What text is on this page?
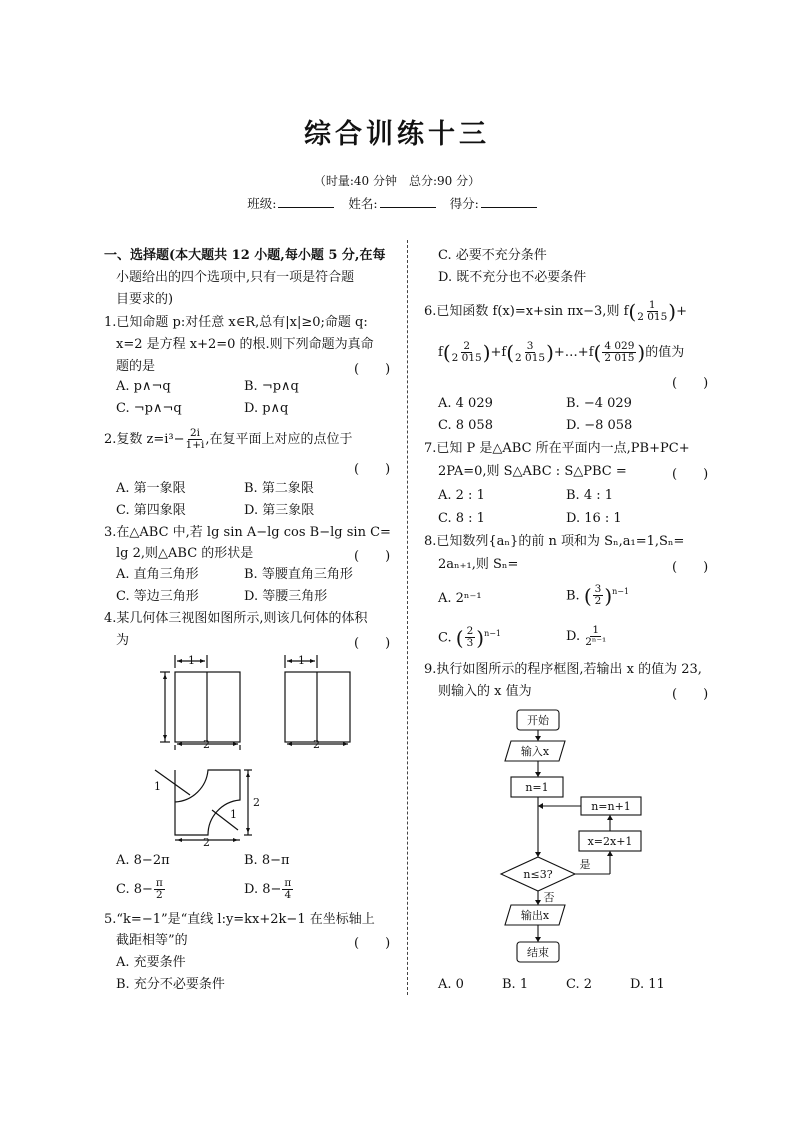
综合训练十三
（时量:40 分钟　总分:90 分）
班级:	姓名:	得分:
一、选择题(本大题共 12 小题,每小题 5 分,在每
小题给出的四个选项中,只有一项是符合题
目要求的)
1.已知命题 p:对任意 x∈R,总有|x|≥0;命题 q:
x=2 是方程 x+2=0 的根.则下列命题为真命
题的是	(　　)
A. p∧¬q	B. ¬p∧q
C. ¬p∧¬q	D. p∧q
2.复数 $z=i^3- \frac{2i}{1+i}$ ,在复平面上对应的点位于
(　　)
A. 第一象限	B. 第二象限
C. 第四象限	D. 第三象限
3.在△ABC 中,若 lg sin A−lg cos B−lg sin C=
lg 2,则△ABC 的形状是	(　　)
A. 直角三角形	B. 等腰直角三角形
C. 等边三角形	D. 等腰三角形
4.某几何体三视图如图所示,则该几何体的体积
为	(　　)
1	1
2	2
2
2
1
1
A. 8−2π	B. 8−π
C. $8- \frac{\pi}{2}$	D. $8- \frac{\pi}{4}$
5.“k=−1”是“直线 l:y=kx+2k−1 在坐标轴上
截距相等”的	(　　)
A. 充要条件
B. 充分不必要条件
C. 必要不充分条件
D. 既不充分也不必要条件
6.已知函数 f(x)=x+sin πx−3,则 $f( \frac{1}{2 015}$ )+
$f( \frac{2}{2 015} )+f( \frac{3}{2 015}$ )+…+f( $\frac{4 029}{2 015}$ )的值为
(　　)
A. 4 029	B. −4 029
C. 8 058	D. −8 058
7.已知 P 是△ABC 所在平面内一点,PB+PC+
2PA=0,则 S△ABC : S△PBC =	(　　)
A. 2 : 1	B. 4 : 1
C. 8 : 1	D. 16 : 1
8.已知数列{aₙ}的前 n 项和为 Sₙ,a₁=1,Sₙ=
2aₙ₊₁,则 Sₙ=	(　　)
A. 2ⁿ⁻¹	B. ( $\frac{3}{2} )^{n-1}$
C. ( $\frac{2}{3} )^{n-1}$	D. $\frac{1}{\text{2ⁿ⁻¹}}$
9.执行如图所示的程序框图,若输出 x 的值为 23,
则输入的 x 值为	(　　)
开始
输入x
n=1
n=n+1
x=2x+1
n≤3?
是
否
输出x
结束
A. 0	B. 1	C. 2	D. 11
